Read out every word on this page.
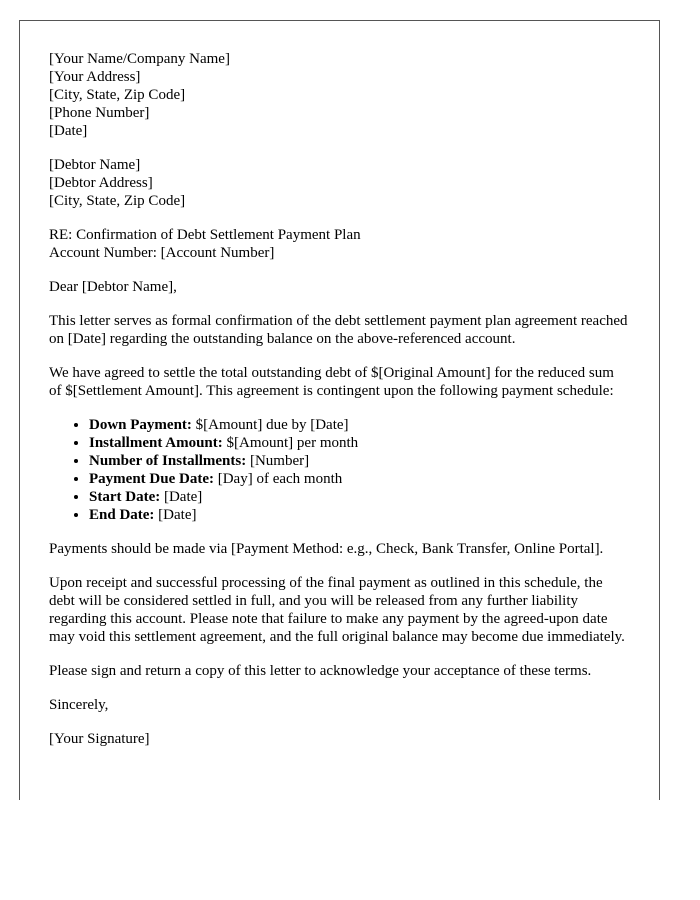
[Your Name/Company Name]
[Your Address]
[City, State, Zip Code]
[Phone Number]
[Date]
[Debtor Name]
[Debtor Address]
[City, State, Zip Code]
RE: Confirmation of Debt Settlement Payment Plan
Account Number: [Account Number]

Dear [Debtor Name],

This letter serves as formal confirmation of the debt settlement payment plan agreement reached on [Date] regarding the outstanding balance on the above-referenced account.

We have agreed to settle the total outstanding debt of $[Original Amount] for the reduced sum of $[Settlement Amount]. This agreement is contingent upon the following payment schedule:

• Down Payment: $[Amount] due by [Date]
• Installment Amount: $[Amount] per month
• Number of Installments: [Number]
• Payment Due Date: [Day] of each month
• Start Date: [Date]
• End Date: [Date]

Payments should be made via [Payment Method: e.g., Check, Bank Transfer, Online Portal].

Upon receipt and successful processing of the final payment as outlined in this schedule, the debt will be considered settled in full, and you will be released from any further liability regarding this account. Please note that failure to make any payment by the agreed-upon date may void this settlement agreement, and the full original balance may become due immediately.

Please sign and return a copy of this letter to acknowledge your acceptance of these terms.

Sincerely,

[Your Signature]
